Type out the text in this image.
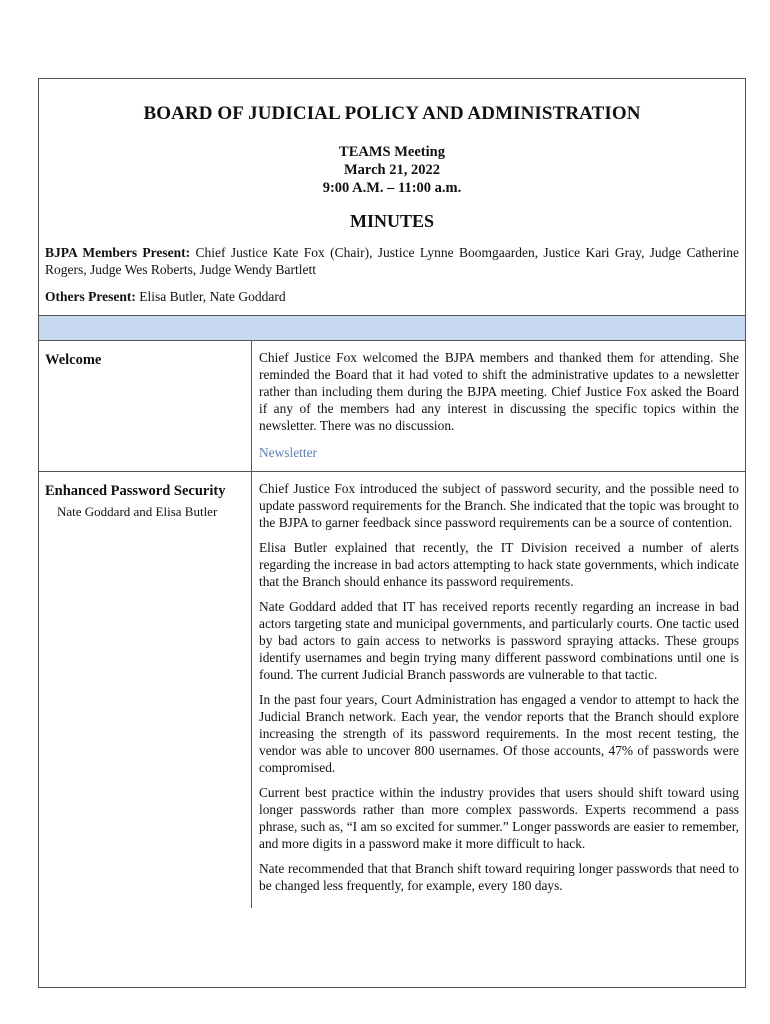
BOARD OF JUDICIAL POLICY AND ADMINISTRATION
TEAMS Meeting
March 21, 2022
9:00 A.M. – 11:00 a.m.
MINUTES

BJPA Members Present: Chief Justice Kate Fox (Chair), Justice Lynne Boomgaarden, Justice Kari Gray, Judge Catherine Rogers, Judge Wes Roberts, Judge Wendy Bartlett

Others Present: Elisa Butler, Nate Goddard

Welcome	Chief Justice Fox welcomed the BJPA members and thanked them for attending. She reminded the Board that it had voted to shift the administrative updates to a newsletter rather than including them during the BJPA meeting. Chief Justice Fox asked the Board if any of the members had any interest in discussing the specific topics within the newsletter. There was no discussion.

Newsletter
Enhanced Password Security
Nate Goddard and Elisa Butler

Chief Justice Fox introduced the subject of password security, and the possible need to update password requirements for the Branch. She indicated that the topic was brought to the BJPA to garner feedback since password requirements can be a source of contention.

Elisa Butler explained that recently, the IT Division received a number of alerts regarding the increase in bad actors attempting to hack state governments, which indicate that the Branch should enhance its password requirements.

Nate Goddard added that IT has received reports recently regarding an increase in bad actors targeting state and municipal governments, and particularly courts. One tactic used by bad actors to gain access to networks is password spraying attacks. These groups identify usernames and begin trying many different password combinations until one is found. The current Judicial Branch passwords are vulnerable to that tactic.

In the past four years, Court Administration has engaged a vendor to attempt to hack the Judicial Branch network. Each year, the vendor reports that the Branch should explore increasing the strength of its password requirements. In the most recent testing, the vendor was able to uncover 800 usernames. Of those accounts, 47% of passwords were compromised.

Current best practice within the industry provides that users should shift toward using longer passwords rather than more complex passwords. Experts recommend a pass phrase, such as, “I am so excited for summer.” Longer passwords are easier to remember, and more digits in a password make it more difficult to hack.

Nate recommended that that Branch shift toward requiring longer passwords that need to be changed less frequently, for example, every 180 days.
